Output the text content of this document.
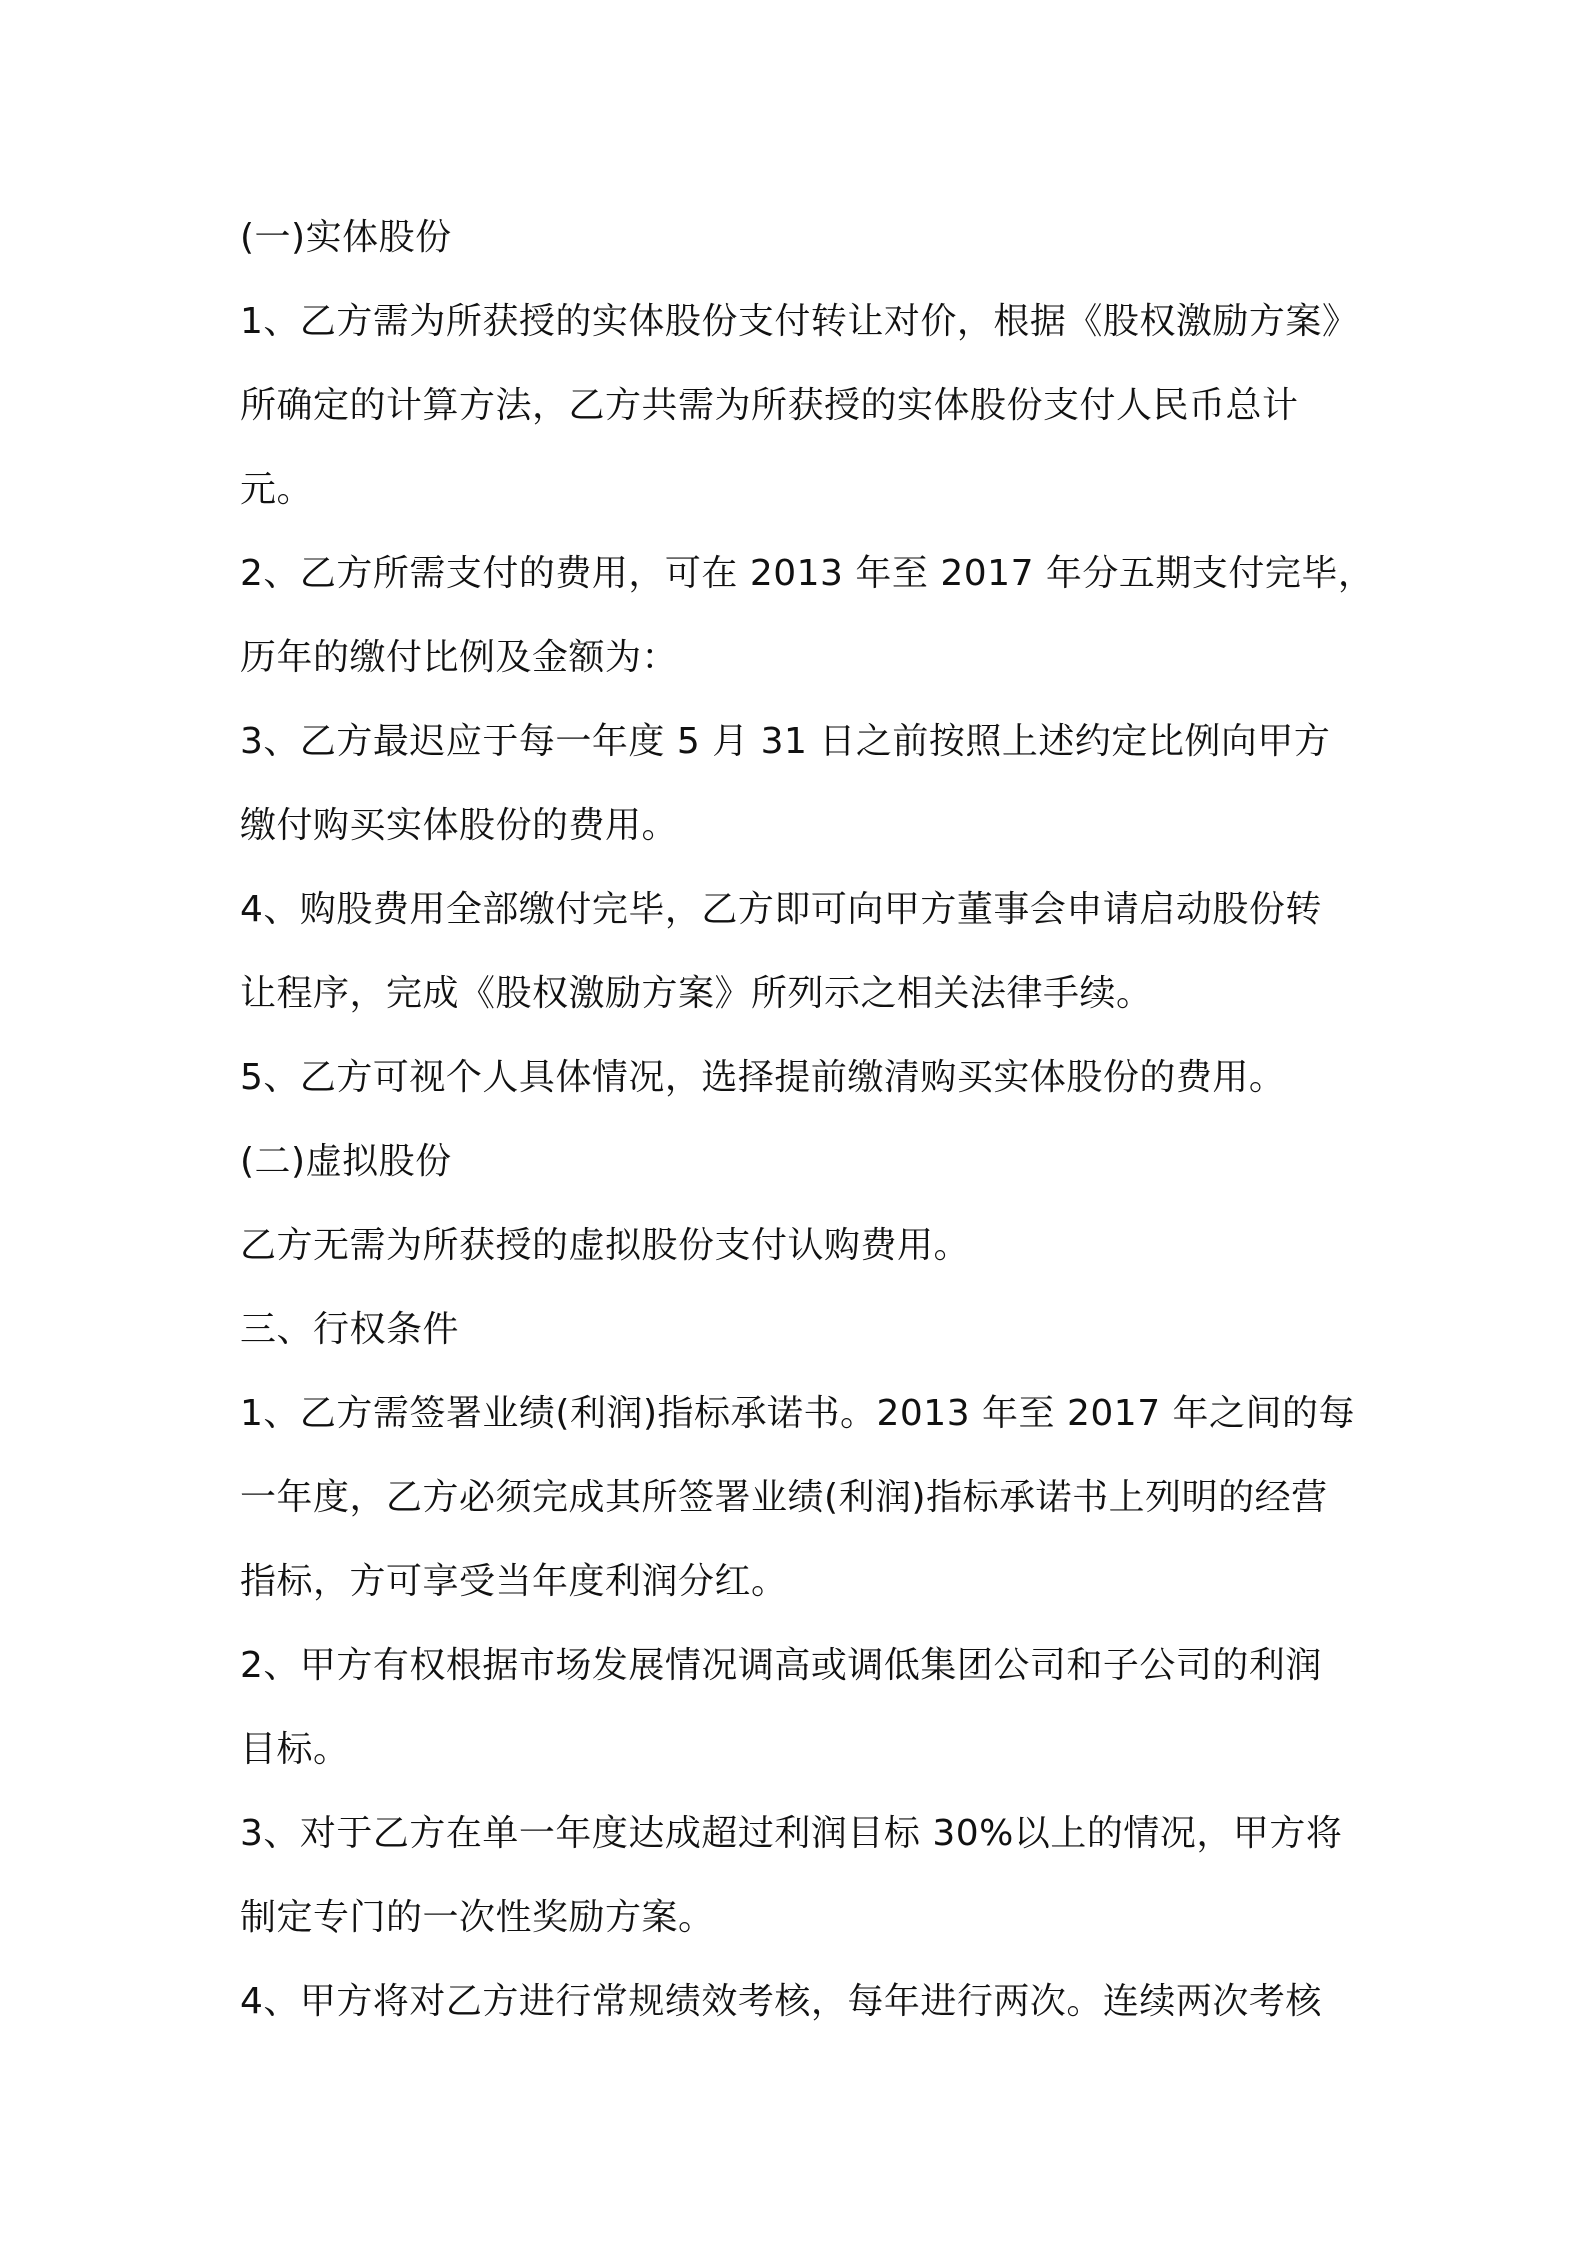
(一)实体股份
1、乙方需为所获授的实体股份支付转让对价，根据《股权激励方案》
所确定的计算方法，乙方共需为所获授的实体股份支付人民币总计
元。
2、乙方所需支付的费用，可在 2013 年至 2017 年分五期支付完毕，
历年的缴付比例及金额为：
3、乙方最迟应于每一年度 5 月 31 日之前按照上述约定比例向甲方
缴付购买实体股份的费用。
4、购股费用全部缴付完毕，乙方即可向甲方董事会申请启动股份转
让程序，完成《股权激励方案》所列示之相关法律手续。
5、乙方可视个人具体情况，选择提前缴清购买实体股份的费用。
(二)虚拟股份
乙方无需为所获授的虚拟股份支付认购费用。
三、行权条件
1、乙方需签署业绩(利润)指标承诺书。2013 年至 2017 年之间的每
一年度，乙方必须完成其所签署业绩(利润)指标承诺书上列明的经营
指标，方可享受当年度利润分红。
2、甲方有权根据市场发展情况调高或调低集团公司和子公司的利润
目标。
3、对于乙方在单一年度达成超过利润目标 30%以上的情况，甲方将
制定专门的一次性奖励方案。
4、甲方将对乙方进行常规绩效考核，每年进行两次。连续两次考核
